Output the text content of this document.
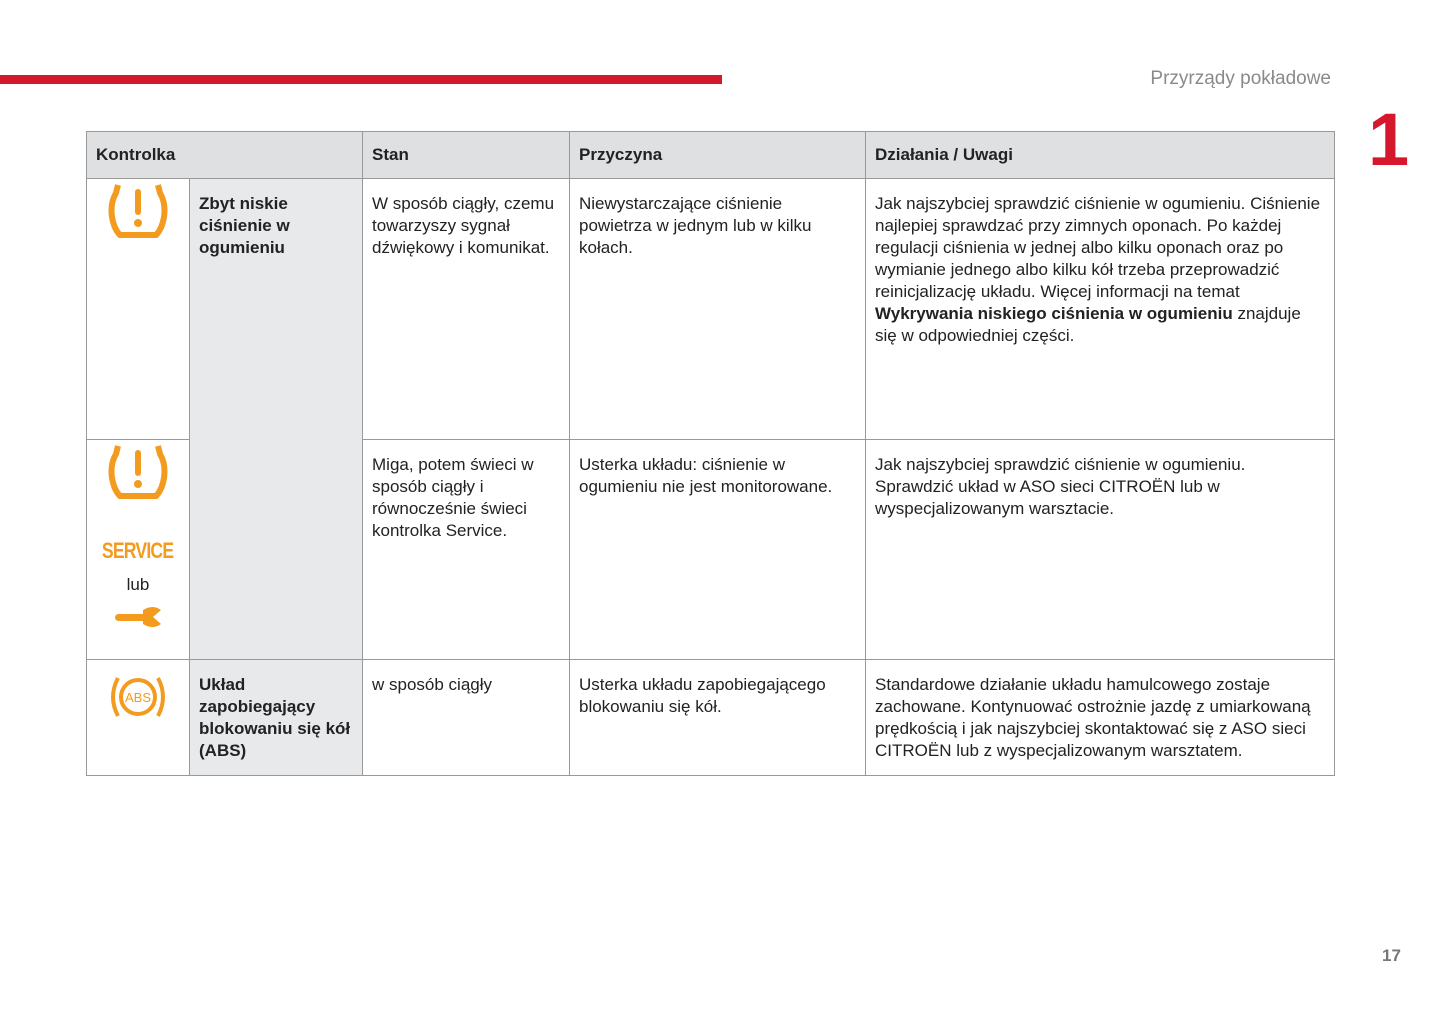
Przyrządy pokładowe
1
Kontrolka		Stan	Przyczyna	Działania / Uwagi
	Zbyt niskie ciśnienie w ogumieniu	W sposób ciągły, czemu towarzyszy sygnał dźwiękowy i komunikat.	Niewystarczające ciśnienie powietrza w jednym lub w kilku kołach.	Jak najszybciej sprawdzić ciśnienie w ogumieniu. Ciśnienie najlepiej sprawdzać przy zimnych oponach. Po każdej regulacji ciśnienia w jednej albo kilku oponach oraz po wymianie jednego albo kilku kół trzeba przeprowadzić reinicjalizację układu. Więcej informacji na temat Wykrywania niskiego ciśnienia w ogumieniu znajduje się w odpowiedniej części.

SERVICE
lub		Miga, potem świeci w sposób ciągły i równocześnie świeci kontrolka Service.	Usterka układu: ciśnienie w ogumieniu nie jest monitorowane.	Jak najszybciej sprawdzić ciśnienie w ogumieniu. Sprawdzić układ w ASO sieci CITROËN lub w wyspecjalizowanym warsztacie.

ABS	Układ zapobiegający blokowaniu się kół (ABS)	w sposób ciągły	Usterka układu zapobiegającego blokowaniu się kół.	Standardowe działanie układu hamulcowego zostaje zachowane. Kontynuować ostrożnie jazdę z umiarkowaną prędkością i jak najszybciej skontaktować się z ASO sieci CITROËN lub z wyspecjalizowanym warsztatem.
17
